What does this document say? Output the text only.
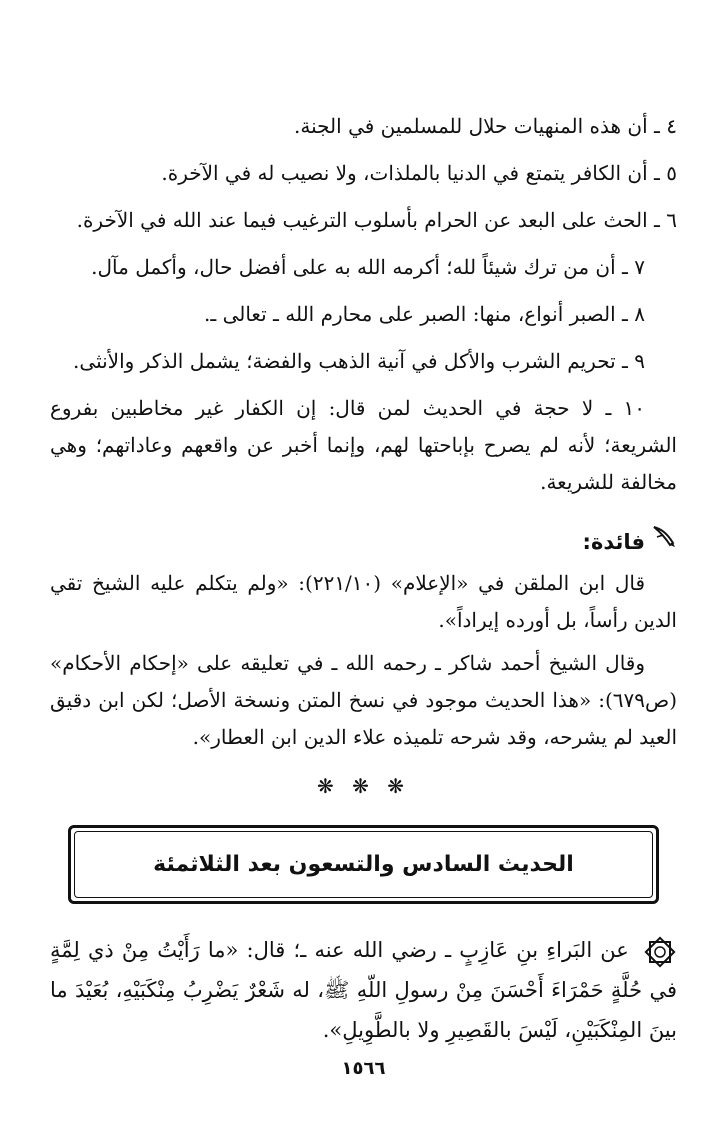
٤ ـ أن هذه المنهيات حلال للمسلمين في الجنة.
٥ ـ أن الكافر يتمتع في الدنيا بالملذات، ولا نصيب له في الآخرة.
٦ ـ الحث على البعد عن الحرام بأسلوب الترغيب فيما عند الله في الآخرة.
٧ ـ أن من ترك شيئاً لله؛ أكرمه الله به على أفضل حال، وأكمل مآل.
٨ ـ الصبر أنواع، منها: الصبر على محارم الله ـ تعالى ـ.
٩ ـ تحريم الشرب والأكل في آنية الذهب والفضة؛ يشمل الذكر والأنثى.
١٠ ـ لا حجة في الحديث لمن قال: إن الكفار غير مخاطبين بفروع الشريعة؛ لأنه لم يصرح بإباحتها لهم، وإنما أخبر عن واقعهم وعاداتهم؛ وهي مخالفة للشريعة.
فائدة:

قال ابن الملقن في «الإعلام» (٢٢١/١٠): «ولم يتكلم عليه الشيخ تقي الدين رأساً، بل أورده إيراداً».

وقال الشيخ أحمد شاكر ـ رحمه الله ـ في تعليقه على «إحكام الأحكام» (ص٦٧٩): «هذا الحديث موجود في نسخ المتن ونسخة الأصل؛ لكن ابن دقيق العيد لم يشرحه، وقد شرحه تلميذه علاء الدين ابن العطار».

❋ ❋ ❋
الحديث السادس والتسعون بعد الثلاثمئة
عن البَراءِ بنِ عَازِبٍ ـ رضي الله عنه ـ؛ قال: «ما رَأَيْتُ مِنْ ذي لِمَّةٍ في حُلَّةٍ حَمْرَاءَ أَحْسَنَ مِنْ رسولِ اللّهِ ﷺ، له شَعْرٌ يَضْرِبُ مِنْكَبَيْهِ، بُعَيْدَ ما بينَ المِنْكَبَيْنِ، لَيْسَ بالقَصِيرِ ولا بالطَّوِيلِ».
١٥٦٦
